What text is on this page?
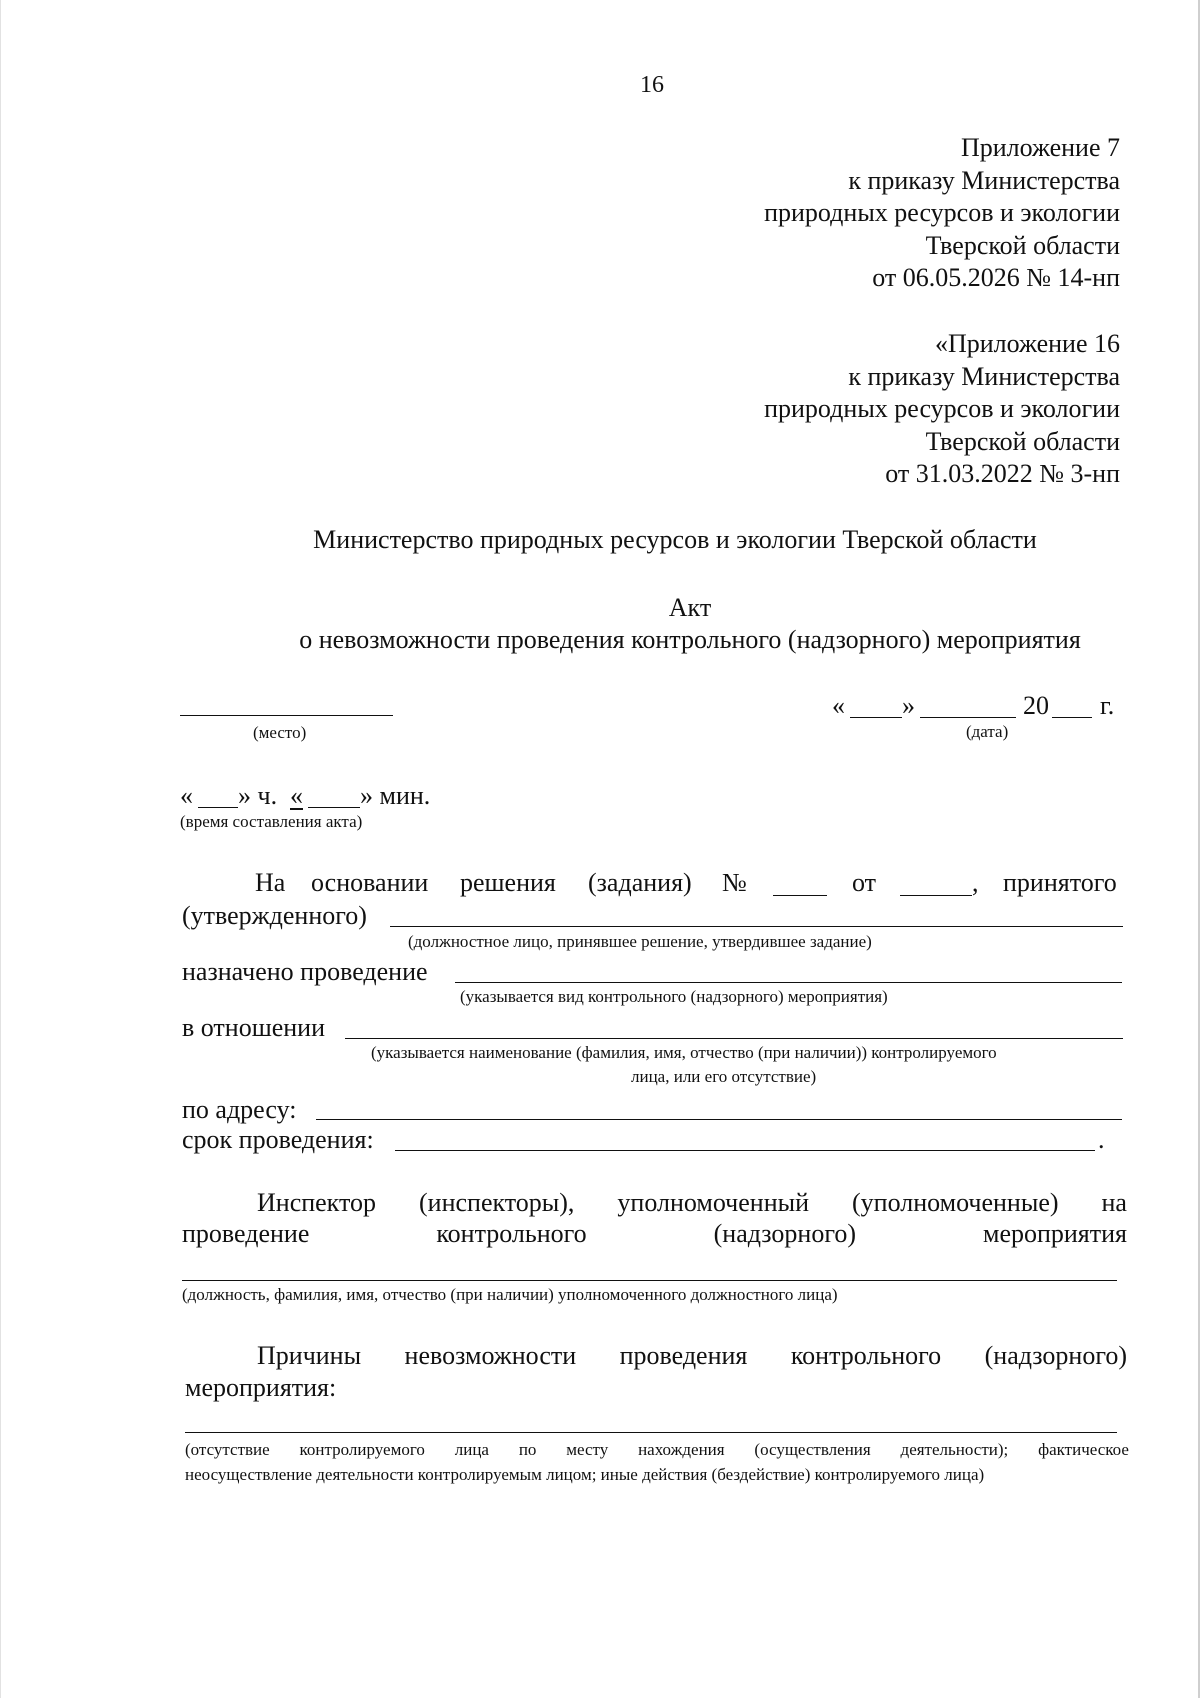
16
Приложение 7
к приказу Министерства
природных ресурсов и экологии
Тверской области
от 06.05.2026 № 14-нп
«Приложение 16
к приказу Министерства
природных ресурсов и экологии
Тверской области
от 31.03.2022 № 3-нп
Министерство природных ресурсов и экологии Тверской области
Акт
о невозможности проведения контрольного (надзорного) мероприятия
(место)
« »	20 г.
(дата)
« » ч. « » мин.
(время составления акта)
На основании решения (задания) №	от	, принятого
(утвержденного)
(должностное лицо, принявшее решение, утвердившее задание)
назначено проведение
(указывается вид контрольного (надзорного) мероприятия)
в отношении
(указывается наименование (фамилия, имя, отчество (при наличии)) контролируемого
лица, или его отсутствие)
по адресу:
срок проведения:	.
Инспектор (инспекторы), уполномоченный (уполномоченные) на
проведение	контрольного	(надзорного)	мероприятия
(должность, фамилия, имя, отчество (при наличии) уполномоченного должностного лица)
Причины невозможности проведения контрольного (надзорного)
мероприятия:
(отсутствие контролируемого лица по месту нахождения (осуществления деятельности); фактическое
неосуществление деятельности контролируемым лицом; иные действия (бездействие) контролируемого лица)
